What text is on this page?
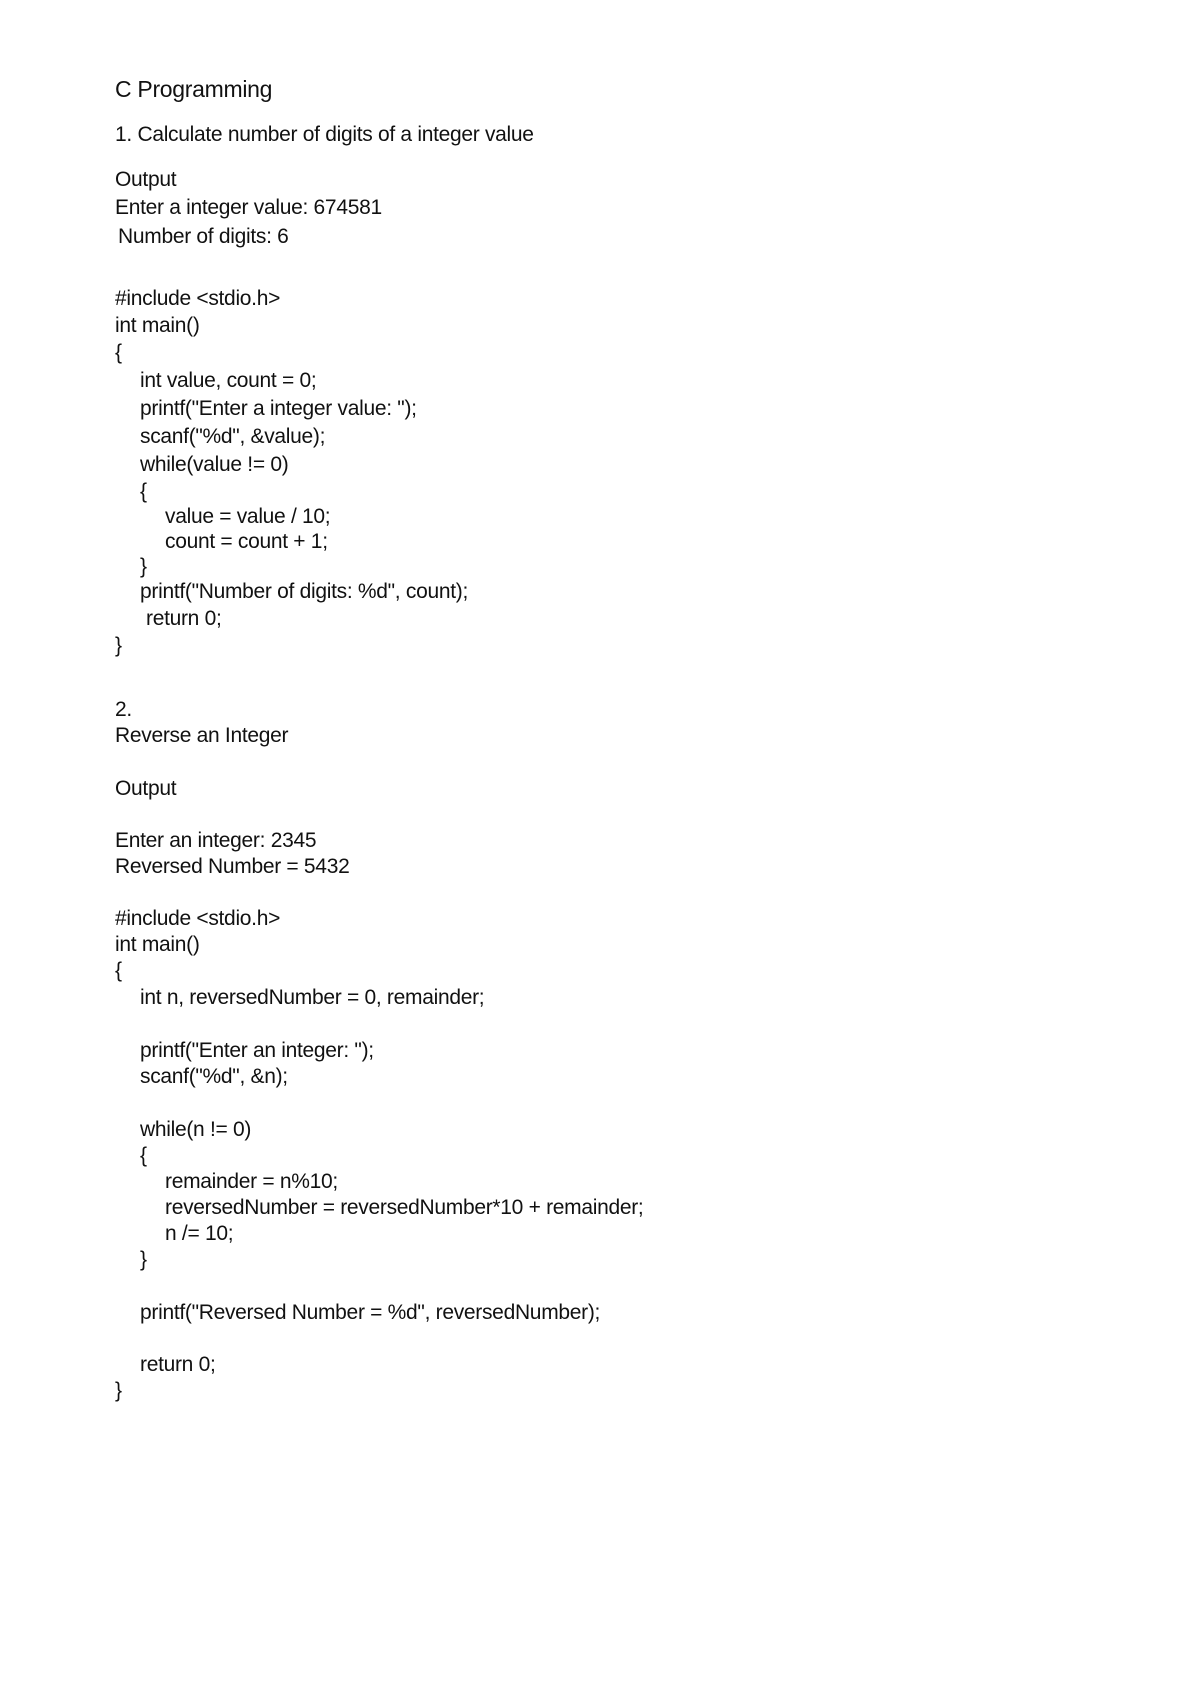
C Programming
1. Calculate number of digits of a integer value
Output
Enter a integer value: 674581
Number of digits: 6
#include <stdio.h>
int main()
{
int value, count = 0;
printf("Enter a integer value: ");
scanf("%d", &value);
while(value != 0)
{
value = value / 10;
count = count + 1;
}
printf("Number of digits: %d", count);
return 0;
}
2.
Reverse an Integer
Output
Enter an integer: 2345
Reversed Number = 5432
#include <stdio.h>
int main()
{
int n, reversedNumber = 0, remainder;
printf("Enter an integer: ");
scanf("%d", &n);
while(n != 0)
{
remainder = n%10;
reversedNumber = reversedNumber*10 + remainder;
n /= 10;
}
printf("Reversed Number = %d", reversedNumber);
return 0;
}
